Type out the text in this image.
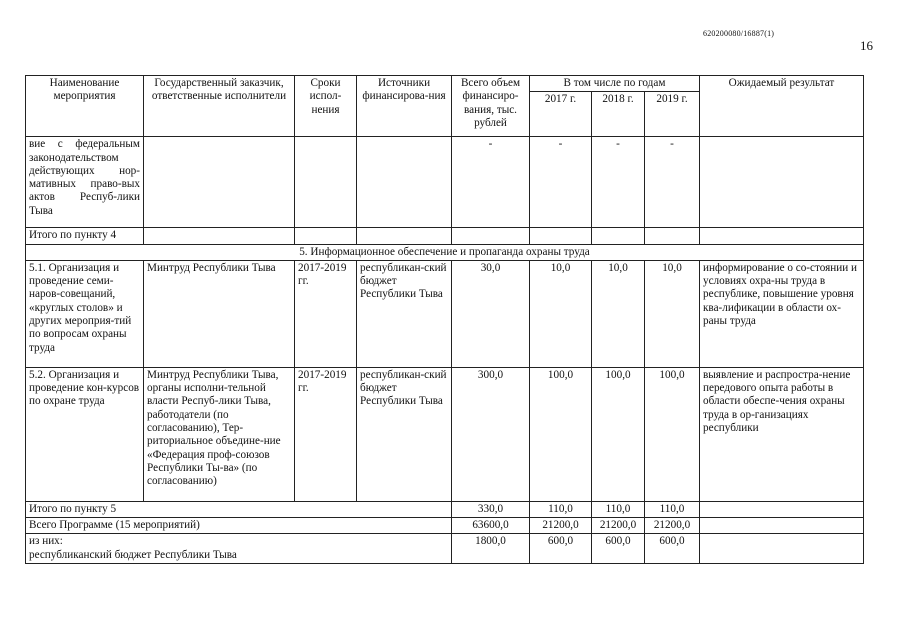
620200080/16887(1)
16
Наименование мероприятия	Государственный заказчик, ответственные исполнители	Сроки испол-нения	Источники финансирова-ния	Всего объем финансиро-вания, тыс. рублей	В том числе по годам			Ожидаемый результат
					2017 г.	2018 г.	2019 г.	
вие с федеральным законодательством действующих нор-мативных право-вых актов Респуб-лики Тыва				-	-	-	-	
Итого по пункту 4								
5. Информационное обеспечение и пропаганда охраны труда								
5.1. Организация и проведение семи-наров-совещаний, «круглых столов» и других мероприя-тий по вопросам охраны труда	Минтруд Республики Тыва	2017-2019 гг.	республикан-ский бюджет Республики Тыва	30,0	10,0	10,0	10,0	информирование о со-стоянии и условиях охра-ны труда в республике, повышение уровня ква-лификации в области ох-раны труда
5.2. Организация и проведение кон-курсов по охране труда	Минтруд Республики Тыва, органы исполни-тельной власти Респуб-лики Тыва, работодатели (по согласованию), Тер-риториальное объедине-ние «Федерация проф-союзов Республики Ты-ва» (по согласованию)	2017-2019 гг.	республикан-ский бюджет Республики Тыва	300,0	100,0	100,0	100,0	выявление и распростра-нение передового опыта работы в области обеспе-чения охраны труда в ор-ганизациях республики
Итого по пункту 5				330,0	110,0	110,0	110,0	
Всего Программе (15 мероприятий)				63600,0	21200,0	21200,0	21200,0	

из них:
республиканский бюджет Республики Тыва				1800,0	600,0	600,0	600,0	
